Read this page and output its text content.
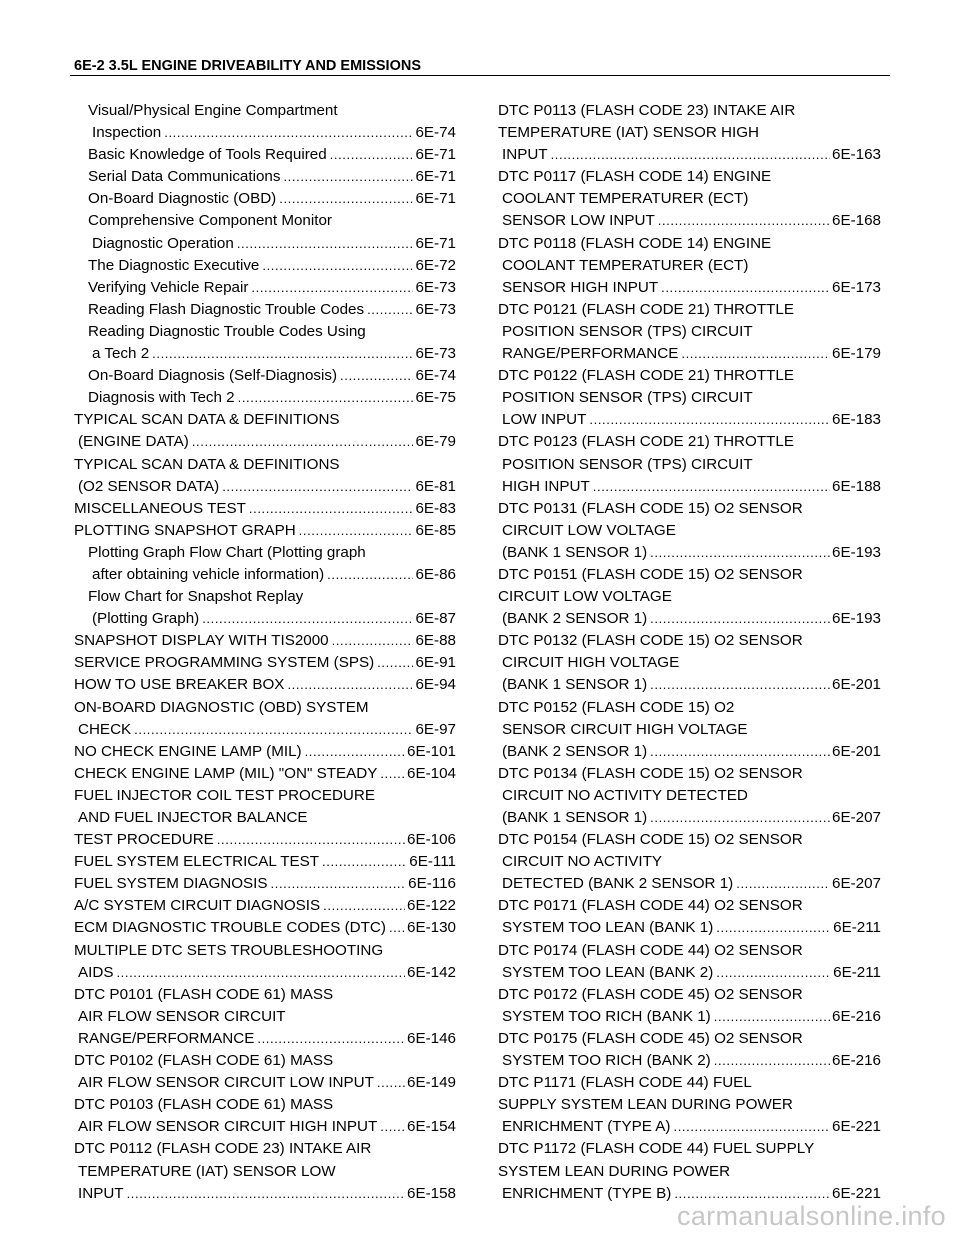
6E-2 3.5L ENGINE DRIVEABILITY AND EMISSIONS
Visual/Physical Engine Compartment
Inspection .....	6E-74
Basic Knowledge of Tools Required .....	6E-71
Serial Data Communications .....	6E-71
On-Board Diagnostic (OBD) .....	6E-71
Comprehensive Component Monitor
Diagnostic Operation .....	6E-71
The Diagnostic Executive .....	6E-72
Verifying Vehicle Repair .....	6E-73
Reading Flash Diagnostic Trouble Codes .....	6E-73
Reading Diagnostic Trouble Codes Using
a Tech 2 .....	6E-73
On-Board Diagnosis (Self-Diagnosis) .....	6E-74
Diagnosis with Tech 2 .....	6E-75
TYPICAL SCAN DATA & DEFINITIONS
(ENGINE DATA) .....	6E-79
TYPICAL SCAN DATA & DEFINITIONS
(O2 SENSOR DATA) .....	6E-81
MISCELLANEOUS TEST .....	6E-83
PLOTTING SNAPSHOT GRAPH .....	6E-85
Plotting Graph Flow Chart (Plotting graph
after obtaining vehicle information) .....	6E-86
Flow Chart for Snapshot Replay
(Plotting Graph) .....	6E-87
SNAPSHOT DISPLAY WITH TIS2000 .....	6E-88
SERVICE PROGRAMMING SYSTEM (SPS) .....	6E-91
HOW TO USE BREAKER BOX .....	6E-94
ON-BOARD DIAGNOSTIC (OBD) SYSTEM
CHECK .....	6E-97
NO CHECK ENGINE LAMP (MIL) .....	6E-101
CHECK ENGINE LAMP (MIL) "ON" STEADY ..... 6E-104
FUEL INJECTOR COIL TEST PROCEDURE
AND FUEL INJECTOR BALANCE
TEST PROCEDURE .....	6E-106
FUEL SYSTEM ELECTRICAL TEST .....	6E-111
FUEL SYSTEM DIAGNOSIS .....	6E-116
A/C SYSTEM CIRCUIT DIAGNOSIS .....	6E-122
ECM DIAGNOSTIC TROUBLE CODES (DTC) ..... 6E-130
MULTIPLE DTC SETS TROUBLESHOOTING
AIDS .....	6E-142
DTC P0101 (FLASH CODE 61) MASS
AIR FLOW SENSOR CIRCUIT
RANGE/PERFORMANCE .....	6E-146
DTC P0102 (FLASH CODE 61) MASS
AIR FLOW SENSOR CIRCUIT LOW INPUT ..... 6E-149
DTC P0103 (FLASH CODE 61) MASS
AIR FLOW SENSOR CIRCUIT HIGH INPUT ..... 6E-154
DTC P0112 (FLASH CODE 23) INTAKE AIR
TEMPERATURE (IAT) SENSOR LOW
INPUT .....	6E-158
DTC P0113 (FLASH CODE 23) INTAKE AIR
TEMPERATURE (IAT) SENSOR HIGH
INPUT .....	6E-163
DTC P0117 (FLASH CODE 14) ENGINE
COOLANT TEMPERATURER (ECT)
SENSOR LOW INPUT .....	6E-168
DTC P0118 (FLASH CODE 14) ENGINE
COOLANT TEMPERATURER (ECT)
SENSOR HIGH INPUT .....	6E-173
DTC P0121 (FLASH CODE 21) THROTTLE
POSITION SENSOR (TPS) CIRCUIT
RANGE/PERFORMANCE .....	6E-179
DTC P0122 (FLASH CODE 21) THROTTLE
POSITION SENSOR (TPS) CIRCUIT
LOW INPUT .....	6E-183
DTC P0123 (FLASH CODE 21) THROTTLE
POSITION SENSOR (TPS) CIRCUIT
HIGH INPUT .....	6E-188
DTC P0131 (FLASH CODE 15) O2 SENSOR
CIRCUIT LOW VOLTAGE
(BANK 1 SENSOR 1) .....	6E-193
DTC P0151 (FLASH CODE 15) O2 SENSOR
CIRCUIT LOW VOLTAGE
(BANK 2 SENSOR 1) .....	6E-193
DTC P0132 (FLASH CODE 15) O2 SENSOR
CIRCUIT HIGH VOLTAGE
(BANK 1 SENSOR 1) .....	6E-201
DTC P0152 (FLASH CODE 15) O2
SENSOR CIRCUIT HIGH VOLTAGE
(BANK 2 SENSOR 1) .....	6E-201
DTC P0134 (FLASH CODE 15) O2 SENSOR
CIRCUIT NO ACTIVITY DETECTED
(BANK 1 SENSOR 1) .....	6E-207
DTC P0154 (FLASH CODE 15) O2 SENSOR
CIRCUIT NO ACTIVITY
DETECTED (BANK 2 SENSOR 1) .....	6E-207
DTC P0171 (FLASH CODE 44) O2 SENSOR
SYSTEM TOO LEAN (BANK 1) .....	6E-211
DTC P0174 (FLASH CODE 44) O2 SENSOR
SYSTEM TOO LEAN (BANK 2) .....	6E-211
DTC P0172 (FLASH CODE 45) O2 SENSOR
SYSTEM TOO RICH (BANK 1) .....	6E-216
DTC P0175 (FLASH CODE 45) O2 SENSOR
SYSTEM TOO RICH (BANK 2) .....	6E-216
DTC P1171 (FLASH CODE 44) FUEL
SUPPLY SYSTEM LEAN DURING POWER
ENRICHMENT (TYPE A) .....	6E-221
DTC P1172 (FLASH CODE 44) FUEL SUPPLY
SYSTEM LEAN DURING POWER
ENRICHMENT (TYPE B) .....	6E-221
carmanualsonline.info
